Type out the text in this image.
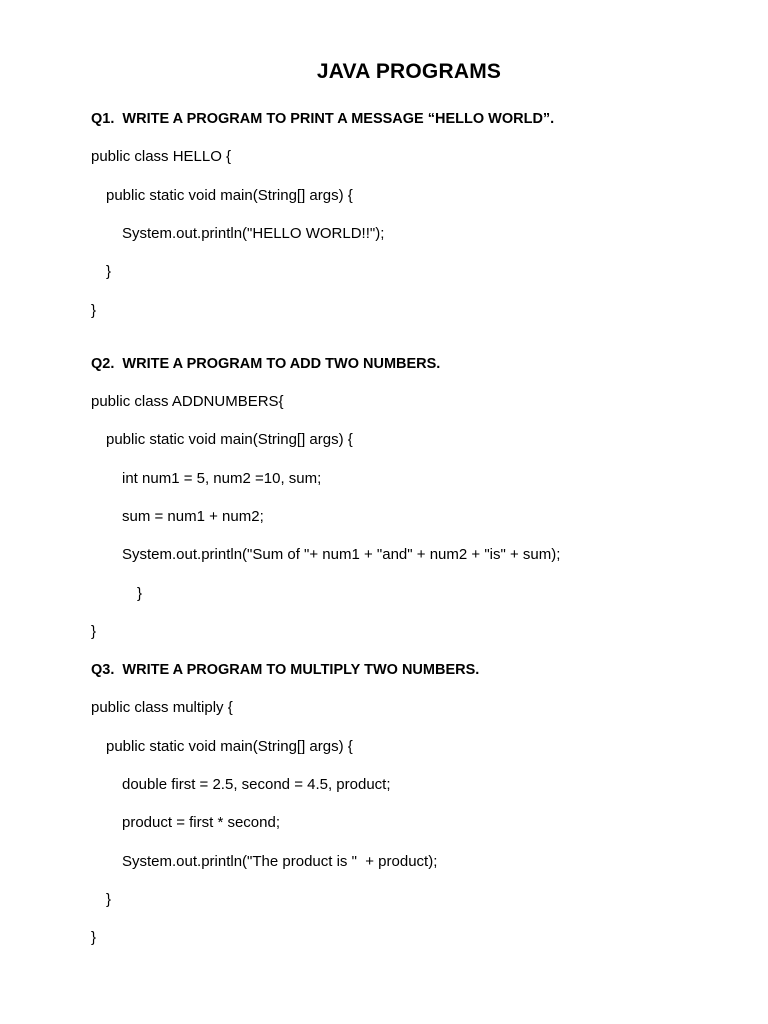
JAVA PROGRAMS

Q1.  WRITE A PROGRAM TO PRINT A MESSAGE “HELLO WORLD”.

public class HELLO {

public static void main(String[] args) {

System.out.println("HELLO WORLD!!");

}

}

Q2.  WRITE A PROGRAM TO ADD TWO NUMBERS.

public class ADDNUMBERS{

public static void main(String[] args) {

int num1 = 5, num2 =10, sum;

sum = num1 + num2;

System.out.println("Sum of "+ num1 + "and" + num2 + "is" + sum);

}

}

Q3.  WRITE A PROGRAM TO MULTIPLY TWO NUMBERS.

public class multiply {

public static void main(String[] args) {

double first = 2.5, second = 4.5, product;

product = first * second;

System.out.println("The product is "  + product);

}

}
